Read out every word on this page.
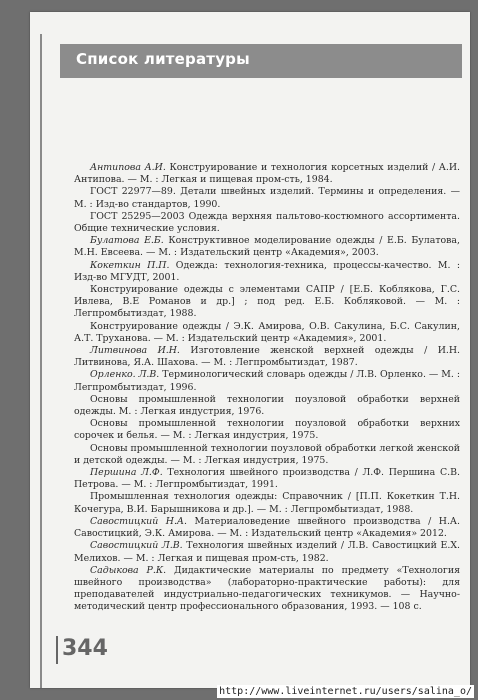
Список литературы

Антипова А.И. Конструирование и технология корсетных изделий / А.И. Антипова. — М. : Легкая и пищевая пром-сть, 1984.

ГОСТ 22977—89. Детали швейных изделий. Термины и определения. — М. : Изд-во стандартов, 1990.

ГОСТ 25295—2003 Одежда верхняя пальтово-костюмного ассортимента. Общие технические условия.

Булатова Е.Б. Конструктивное моделирование одежды / Е.Б. Булатова, М.Н. Евсеева. — М. : Издательский центр «Академия», 2003.

Кокеткин П.П. Одежда: технология-техника, процессы-качество. М. : Изд-во МГУДТ, 2001.

Конструирование одежды с элементами САПР / [Е.Б. Коблякова, Г.С. Ивлева, В.Е Романов и др.] ; под ред. Е.Б. Кобляковой. — М. : Легпромбытиздат, 1988.

Конструирование одежды / Э.К. Амирова, О.В. Сакулина, Б.С. Сакулин, А.Т. Труханова. — М. : Издательский центр «Академия», 2001.

Литвинова И.Н. Изготовление женской верхней одежды / И.Н. Литвинова, Я.А. Шахова. — М. : Легпромбытиздат, 1987.

Орленко. Л.В. Терминологический словарь одежды / Л.В. Орленко. — М. : Легпромбытиздат, 1996.

Основы промышленной технологии поузловой обработки верхней одежды. М. : Легкая индустрия, 1976.

Основы промышленной технологии поузловой обработки верхних сорочек и белья. — М. : Легкая индустрия, 1975.

Основы промышленной технологии поузловой обработки легкой женской и детской одежды. — М. : Легкая индустрия, 1975.

Першина Л.Ф. Технология швейного производства / Л.Ф. Першина С.В. Петрова. — М. : Легпромбытиздат, 1991.

Промышленная технология одежды: Справочник / [П.П. Кокеткин Т.Н. Кочегура, В.И. Барышникова и др.]. — М. : Легпромбытиздат, 1988.

Савостицкий Н.А. Материаловедение швейного производства / Н.А. Савостицкий, Э.К. Амирова. — М. : Издательский центр «Академия» 2012.

Савостицкий Л.В. Технология швейных изделий / Л.В. Савостицкий Е.Х. Мелихов. — М. : Легкая и пищевая пром-сть, 1982.

Садыкова Р.К. Дидактические материалы по предмету «Технология швейного производства» (лабораторно-практические работы): для преподавателей индустриально-педагогических техникумов. — Научно-методический центр профессионального образования, 1993. — 108 с.

344
http://www.liveinternet.ru/users/salina_o/
